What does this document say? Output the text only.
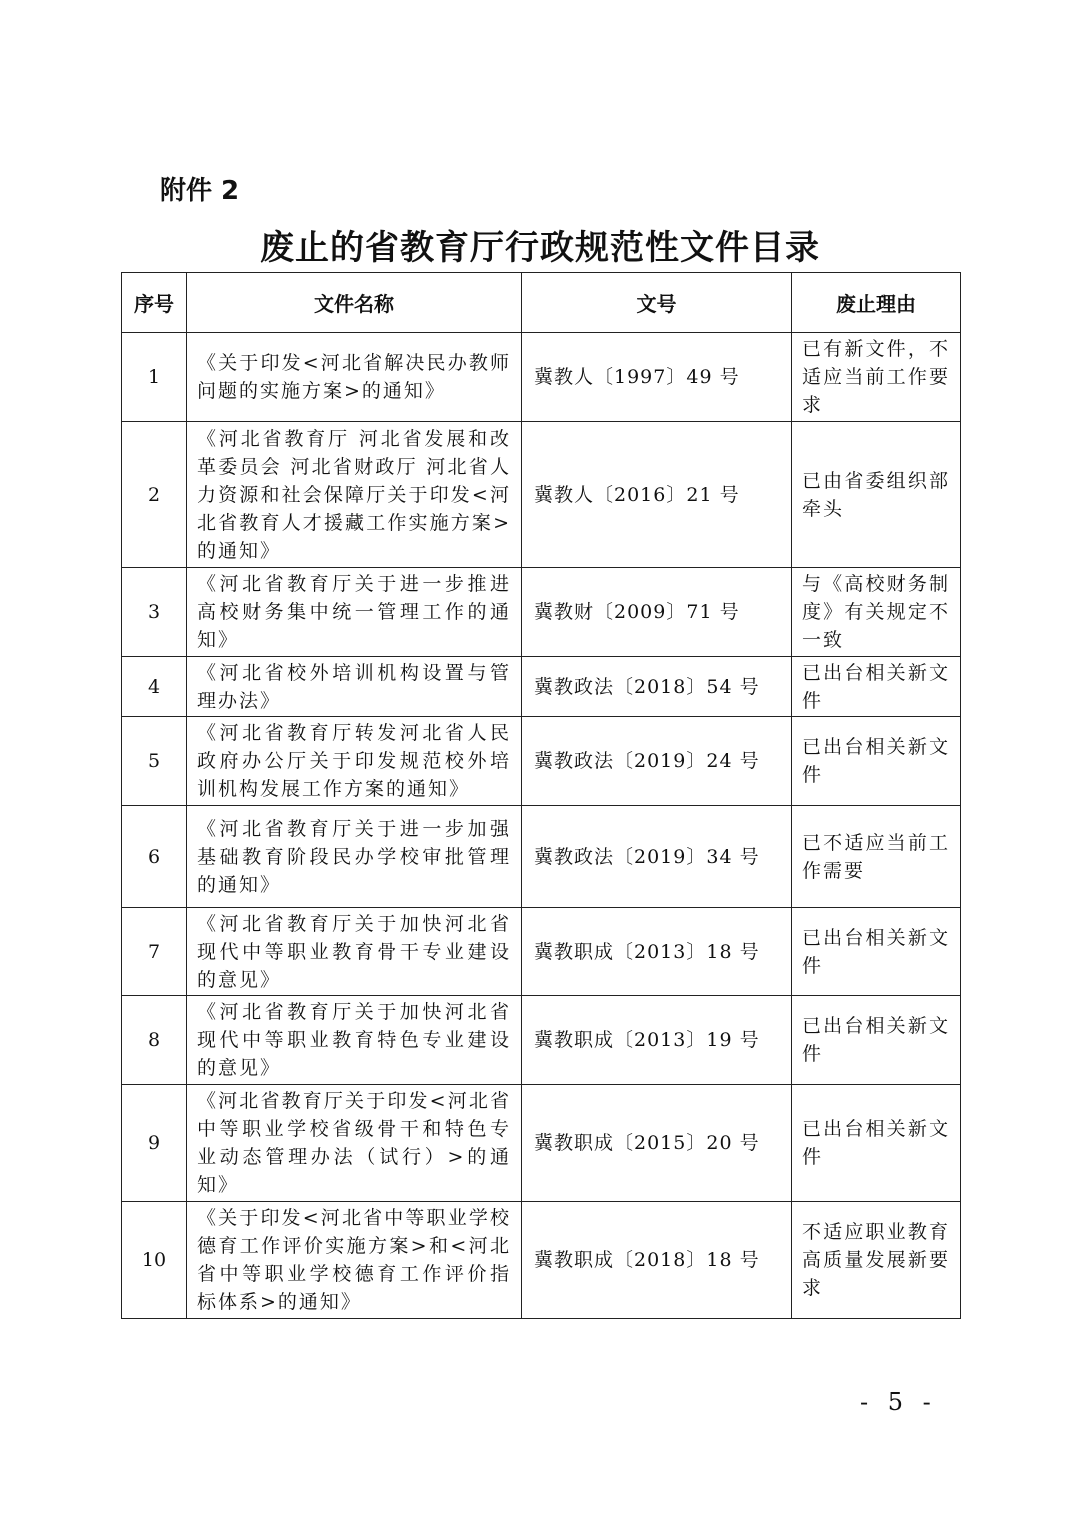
附件 2
废止的省教育厅行政规范性文件目录
序号	文件名称	文号	废止理由
1	《关于印发<河北省解决民办教师问题的实施方案>的通知》	冀教人〔1997〕49 号	已有新文件，不适应当前工作要求
2	《河北省教育厅 河北省发展和改革委员会 河北省财政厅 河北省人力资源和社会保障厅关于印发<河北省教育人才援藏工作实施方案>的通知》	冀教人〔2016〕21 号	已由省委组织部牵头
3	《河北省教育厅关于进一步推进高校财务集中统一管理工作的通知》	冀教财〔2009〕71 号	与《高校财务制度》有关规定不一致
4	《河北省校外培训机构设置与管理办法》	冀教政法〔2018〕54 号	已出台相关新文件
5	《河北省教育厅转发河北省人民政府办公厅关于印发规范校外培训机构发展工作方案的通知》	冀教政法〔2019〕24 号	已出台相关新文件
6	《河北省教育厅关于进一步加强基础教育阶段民办学校审批管理的通知》	冀教政法〔2019〕34 号	已不适应当前工作需要
7	《河北省教育厅关于加快河北省现代中等职业教育骨干专业建设的意见》	冀教职成〔2013〕18 号	已出台相关新文件
8	《河北省教育厅关于加快河北省现代中等职业教育特色专业建设的意见》	冀教职成〔2013〕19 号	已出台相关新文件
9	《河北省教育厅关于印发<河北省中等职业学校省级骨干和特色专业动态管理办法（试行）>的通知》	冀教职成〔2015〕20 号	已出台相关新文件
10	《关于印发<河北省中等职业学校德育工作评价实施方案>和<河北省中等职业学校德育工作评价指标体系>的通知》	冀教职成〔2018〕18 号	不适应职业教育高质量发展新要求
- 5 -
